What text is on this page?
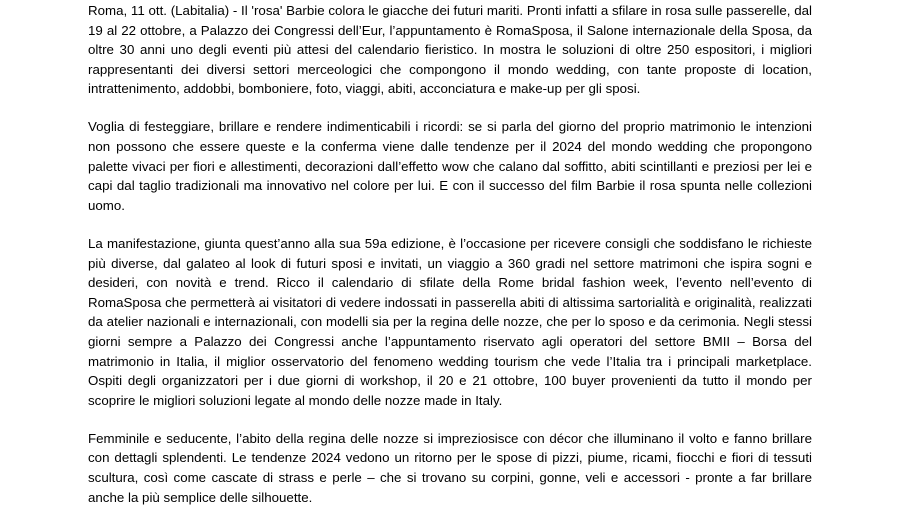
Roma, 11 ott. (Labitalia) - Il 'rosa' Barbie colora le giacche dei futuri mariti. Pronti infatti a sfilare in rosa sulle passerelle, dal 19 al 22 ottobre, a Palazzo dei Congressi dell’Eur, l’appuntamento è RomaSposa, il Salone internazionale della Sposa, da oltre 30 anni uno degli eventi più attesi del calendario fieristico. In mostra le soluzioni di oltre 250 espositori, i migliori rappresentanti dei diversi settori merceologici che compongono il mondo wedding, con tante proposte di location, intrattenimento, addobbi, bomboniere, foto, viaggi, abiti, acconciatura e make-up per gli sposi.

Voglia di festeggiare, brillare e rendere indimenticabili i ricordi: se si parla del giorno del proprio matrimonio le intenzioni non possono che essere queste e la conferma viene dalle tendenze per il 2024 del mondo wedding che propongono palette vivaci per fiori e allestimenti, decorazioni dall’effetto wow che calano dal soffitto, abiti scintillanti e preziosi per lei e capi dal taglio tradizionali ma innovativo nel colore per lui. E con il successo del film Barbie il rosa spunta nelle collezioni uomo.

La manifestazione, giunta quest’anno alla sua 59a edizione, è l’occasione per ricevere consigli che soddisfano le richieste più diverse, dal galateo al look di futuri sposi e invitati, un viaggio a 360 gradi nel settore matrimoni che ispira sogni e desideri, con novità e trend. Ricco il calendario di sfilate della Rome bridal fashion week, l’evento nell’evento di RomaSposa che permetterà ai visitatori di vedere indossati in passerella abiti di altissima sartorialità e originalità, realizzati da atelier nazionali e internazionali, con modelli sia per la regina delle nozze, che per lo sposo e da cerimonia. Negli stessi giorni sempre a Palazzo dei Congressi anche l’appuntamento riservato agli operatori del settore BMII – Borsa del matrimonio in Italia, il miglior osservatorio del fenomeno wedding tourism che vede l’Italia tra i principali marketplace. Ospiti degli organizzatori per i due giorni di workshop, il 20 e 21 ottobre, 100 buyer provenienti da tutto il mondo per scoprire le migliori soluzioni legate al mondo delle nozze made in Italy.

Femminile e seducente, l’abito della regina delle nozze si impreziosisce con décor che illuminano il volto e fanno brillare con dettagli splendenti. Le tendenze 2024 vedono un ritorno per le spose di pizzi, piume, ricami, fiocchi e fiori di tessuti scultura, così come cascate di strass e perle – che si trovano su corpini, gonne, veli e accessori - pronte a far brillare anche la più semplice delle silhouette.
